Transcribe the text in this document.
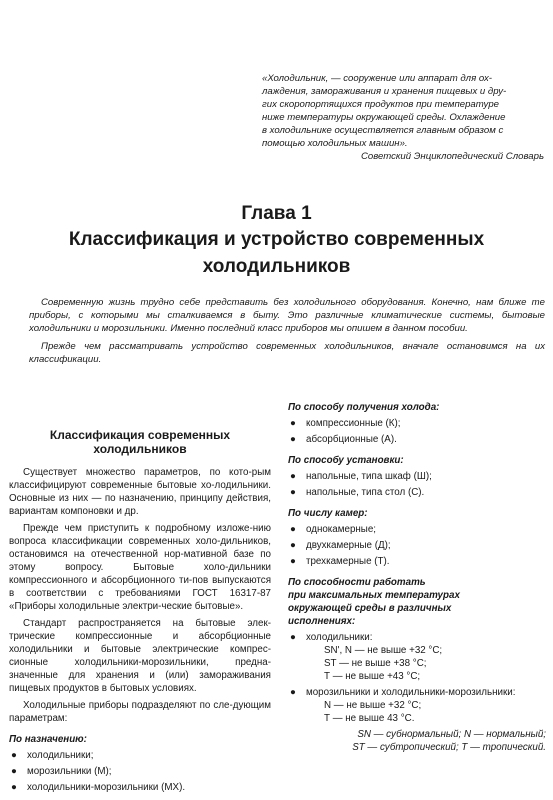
«Холодильник, — сооружение или аппарат для ох-
лаждения, замораживания и хранения пищевых и дру-
гих скоропортящихся продуктов при температуре
ниже температуры окружающей среды. Охлаждение
в холодильнике осуществляется главным образом с
помощью холодильных машин».
Советский Энциклопедический Словарь
Глава 1
Классификация и устройство современных
холодильников

Современную жизнь трудно себе представить без холодильного оборудования. Конечно, нам ближе те приборы, с которыми мы сталкиваемся в быту. Это различные климатические системы, бытовые холодильники и морозильники. Именно последний класс приборов мы опишем в данном пособии.

Прежде чем рассматривать устройство современных холодильников, вначале остановимся на их классификации.

Классификация современных
холодильников

Существует множество параметров, по кото-рым классифицируют современные бытовые хо-лодильники. Основные из них — по назначению, принципу действия, вариантам компоновки и др.

Прежде чем приступить к подробному изложе-нию вопроса классификации современных холо-дильников, остановимся на отечественной нор-мативной базе по этому вопросу. Бытовые холо-дильники компрессионного и абсорбционного ти-пов выпускаются в соответствии с требованиями ГОСТ 16317-87 «Приборы холодильные электри-ческие бытовые».

Стандарт распространяется на бытовые элек-трические компрессионные и абсорбционные холодильники и бытовые электрические компрес-сионные холодильники-морозильники, предна-значенные для хранения и (или) замораживания пищевых продуктов в бытовых условиях.

Холодильные приборы подразделяют по сле-дующим параметрам:

По назначению:
● холодильники;
● морозильники (М);
● холодильники-морозильники (МХ).
По способу получения холода:
● компрессионные (К);
● абсорбционные (А).
По способу установки:
● напольные, типа шкаф (Ш);
● напольные, типа стол (С).
По числу камер:
● однокамерные;
● двухкамерные (Д);
● трехкамерные (Т).
По способности работать
при максимальных температурах
окружающей среды в различных
исполнениях:
● холодильники:
SN', N — не выше +32 °С;
ST — не выше +38 °С;
Т — не выше +43 °С;
● морозильники и холодильники-морозильники:
N — не выше +32 °С;
Т — не выше 43 °С.
SN — субнормальный; N — нормальный;
ST — субтропический; Т — тропический.
